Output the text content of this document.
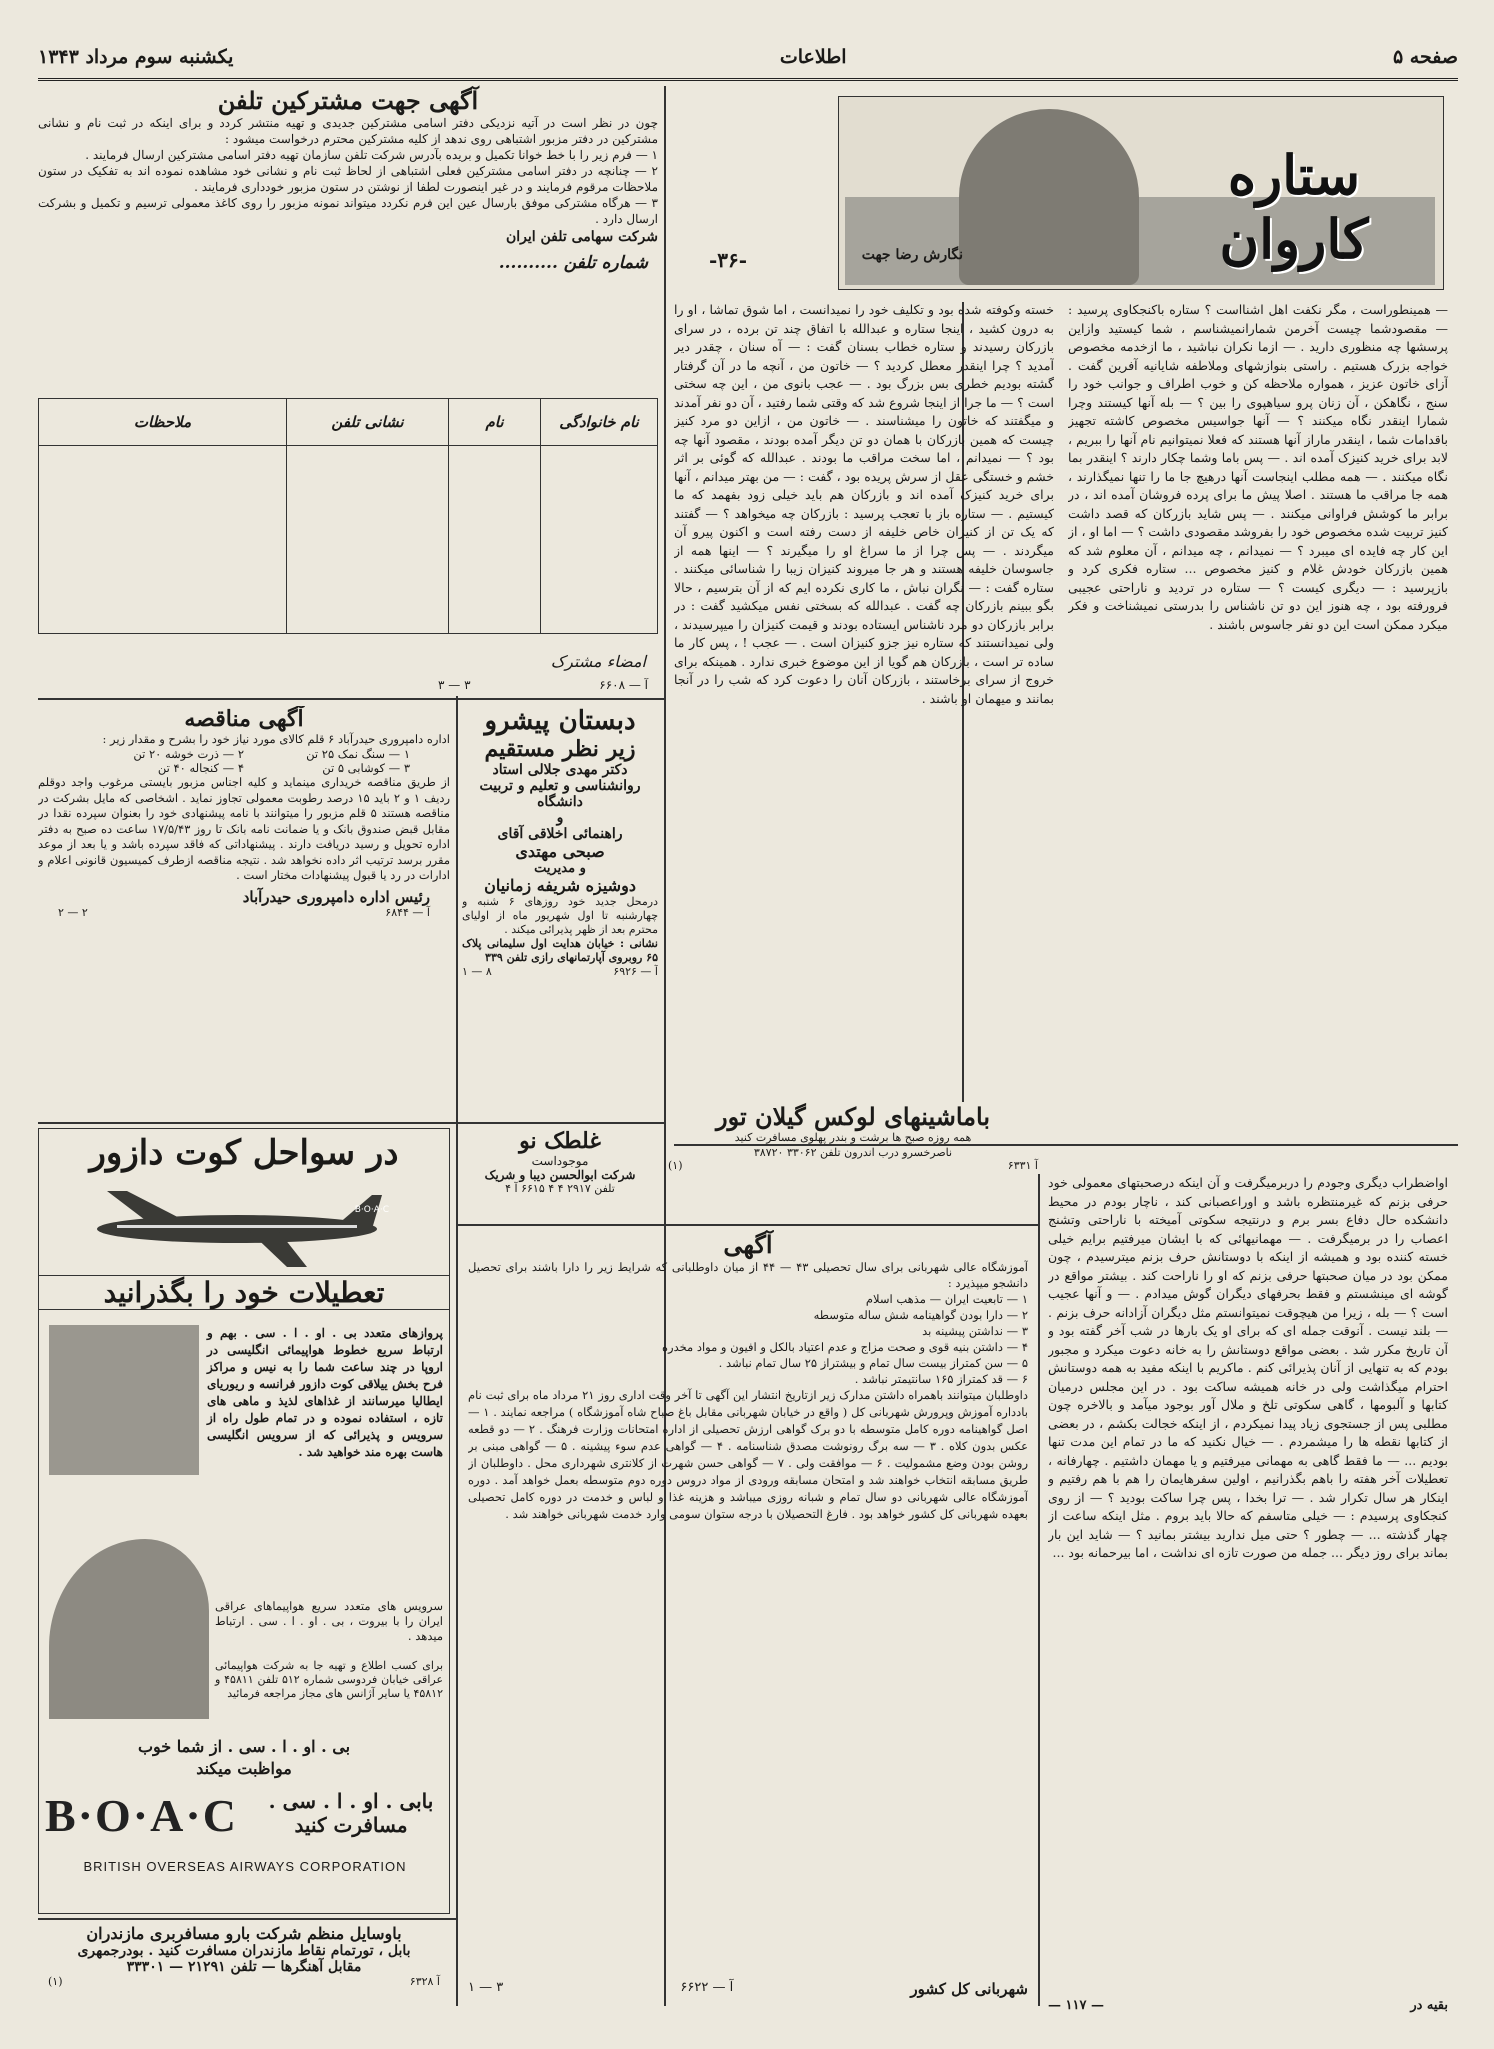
یکشنبه سوم مرداد ۱۳۴۳	اطلاعات	صفحه ۵
ستاره کاروان
نگارش رضا جهت
-۳۶-
— همینطوراست ، مگر نکفت اهل اشنااست ؟ ستاره باکنجکاوی پرسید : — مقصودشما چیست آخرمن شمارانمیشناسم ، شما کیستید وازاین پرسشها چه منظوری دارید . — ازما نکران نباشید ، ما ازخدمه مخصوص خواجه بزرک هستیم . راستی بنوازشهای وملاطفه شایانیه آفرین گفت . آزای خاتون عزیز ، همواره ملاحظه کن و خوب اطراف و جوانب خود را سنج ، نگاهکن ، آن زنان پرو سیاهپوی را بین ؟ — بله آنها کیستند وچرا شمارا اینقدر نگاه میکنند ؟ — آنها جواسیس مخصوص کاشته تجهیز باقدامات شما ، اینقدر ماراز آنها هستند که فعلا نمیتوانیم نام آنها را ببریم ، لابد برای خرید کنیزک آمده اند . — پس باما وشما چکار دارند ؟ اینقدر بما نگاه میکنند . — همه مطلب اینجاست آنها درهیچ جا ما را تنها نمیگذارند ، همه جا مراقب ما هستند . اصلا پیش ما برای پرده فروشان آمده اند ، در برابر ما کوشش فراوانی میکنند . — پس شاید بازرکان که قصد داشت کنیز تربیت شده مخصوص خود را بفروشد مقصودی داشت ؟ — اما او ، از این کار چه فایده ای میبرد ؟ — نمیدانم ، چه میدانم ، آن معلوم شد که همین بازرکان خودش غلام و کنیز مخصوص ... ستاره فکری کرد و بازپرسید : — دیگری کیست ؟ — ستاره در تردید و ناراحتی عجیبی فرورفته بود ، چه هنوز این دو تن ناشناس را بدرستی نمیشناخت و فکر میکرد ممکن است این دو نفر جاسوس باشند .
خسته وکوفته شده بود و تکلیف خود را نمیدانست ، اما شوق تماشا ، او را به درون کشید ، اینجا ستاره و عبدالله با اتفاق چند تن برده ، در سرای بازرکان رسیدند و ستاره خطاب بسنان گفت : — آه سنان ، چقدر دیر آمدید ؟ چرا اینقدر معطل کردید ؟ — خاتون من ، آنچه ما در آن گرفتار گشته بودیم خطری بس بزرگ بود . — عجب بانوی من ، این چه سختی است ؟ — ما جرا از اینجا شروع شد که وقتی شما رفتید ، آن دو نفر آمدند و میگفتند که خاتون را میشناسند . — خاتون من ، ازاین دو مرد کنیز چیست که همین بازرکان با همان دو تن دیگر آمده بودند ، مقصود آنها چه بود ؟ — نمیدانم ، اما سخت مراقب ما بودند . عبدالله که گوئی بر اثر خشم و خستگی عقل از سرش پریده بود ، گفت : — من بهتر میدانم ، آنها برای خرید کنیزک آمده اند و بازرکان هم باید خیلی زود بفهمد که ما کیستیم . — ستاره باز با تعجب پرسید : بازرکان چه میخواهد ؟ — گفتند که یک تن از کنیزان خاص خلیفه از دست رفته است و اکنون پیرو آن میگردند . — پس چرا از ما سراغ او را میگیرند ؟ — اینها همه از جاسوسان خلیفه هستند و هر جا میروند کنیزان زیبا را شناسائی میکنند . ستاره گفت : — نگران نباش ، ما کاری نکرده ایم که از آن بترسیم ، حالا بگو ببینم بازرکان چه گفت . عبدالله که بسختی نفس میکشید گفت : در برابر بازرکان دو مرد ناشناس ایستاده بودند و قیمت کنیزان را میپرسیدند ، ولی نمیدانستند که ستاره نیز جزو کنیزان است . — عجب ! ، پس کار ما ساده تر است ، بازرکان هم گویا از این موضوع خبری ندارد . همینکه برای خروج از سرای برخاستند ، بازرکان آنان را دعوت کرد که شب را در آنجا بمانند و میهمان او باشند .
باماشینهای لوکس گیلان تور
همه روزه صبح ها برشت و بندر پهلوی مسافرت کنید
ناصرخسرو درب اندرون تلفن ۳۳۰۶۲ ۳۸۷۲۰
(۱)	آ ۶۳۳۱
اواضطراب دیگری وجودم را دربرمیگرفت و آن اینکه درصحبتهای معمولی خود حرفی بزنم که غیرمنتظره باشد و اوراعصبانی کند ، ناچار بودم در محیط دانشکده حال دفاع بسر برم و درنتیجه سکوتی آمیخته با ناراحتی وتشنج اعصاب را در برمیگرفت . — مهمانیهائی که با ایشان میرفتیم برایم خیلی خسته کننده بود و همیشه از اینکه با دوستانش حرف بزنم میترسیدم ، چون ممکن بود در میان صحبتها حرفی بزنم که او را ناراحت کند . بیشتر مواقع در گوشه ای مینشستم و فقط بحرفهای دیگران گوش میدادم . — و آنها عجیب است ؟ — بله ، زیرا من هیچوقت نمیتوانستم مثل دیگران آزادانه حرف بزنم . — بلند نیست . آنوقت جمله ای که برای او یک بارها در شب آخر گفته بود و آن تاریخ مکرر شد . بعضی مواقع دوستانش را به خانه دعوت میکرد و مجبور بودم که به تنهایی از آنان پذیرائی کنم . ماکریم با اینکه مفید به همه دوستانش احترام میگذاشت ولی در خانه همیشه ساکت بود . در این مجلس درمیان کتابها و آلبومها ، گاهی سکوتی تلخ و ملال آور بوجود میآمد و بالاخره چون مطلبی پس از جستجوی زیاد پیدا نمیکردم ، از اینکه خجالت بکشم ، در بعضی از کتابها نقطه ها را میشمردم . — خیال نکنید که ما در تمام این مدت تنها بودیم ... — ما فقط گاهی به مهمانی میرفتیم و یا مهمان داشتیم . چهارفانه ، تعطیلات آخر هفته را باهم بگذرانیم ، اولین سفرهایمان را هم با هم رفتیم و اینکار هر سال تکرار شد . — ترا بخدا ، پس چرا ساکت بودید ؟ — از روی کنجکاوی پرسیدم : — خیلی متاسفم که حالا باید بروم . مثل اینکه ساعت از چهار گذشته ... — چطور ؟ حتی میل ندارید بیشتر بمانید ؟ — شاید این بار بماند برای روز دیگر ... جمله من صورت تازه ای نداشت ، اما بیرحمانه بود ...
— ۱۱۷ —	بقیه در
آگهی جهت مشترکین تلفن
چون در نظر است در آتیه نزدیکی دفتر اسامی مشترکین جدیدی و تهیه منتشر کردد و برای اینکه در ثبت نام و نشانی مشترکین در دفتر مزبور اشتباهی روی ندهد از کلیه مشترکین محترم درخواست میشود :
۱ — فرم زیر را با خط خوانا تکمیل و بریده بآدرس شرکت تلفن سازمان تهیه دفتر اسامی مشترکین ارسال فرمایند .
۲ — چنانچه در دفتر اسامی مشترکین فعلی اشتباهی از لحاظ ثبت نام و نشانی خود مشاهده نموده اند به تفکیک در ستون ملاحظات مرقوم فرمایند و در غیر اینصورت لطفا از نوشتن در ستون مزبور خودداری فرمایند .
۳ — هرگاه مشترکی موفق بارسال عین این فرم نکردد میتواند نمونه مزبور را روی کاغذ معمولی ترسیم و تکمیل و بشرکت ارسال دارد .
شرکت سهامی تلفن ایران
شماره تلفن ..........
نام خانوادگی	نام	نشانی تلفن	ملاحظات

امضاء مشترک
۳ — ۳	آ — ۶۶۰۸
آگهی مناقصه
اداره دامپروری حیدرآباد ۶ قلم کالای مورد نیاز خود را بشرح و مقدار زیر :
۱ — سنگ نمک ۲۵ تن
۲ — ذرت خوشه ۲۰ تن
۳ — کوشابی ۵ تن
۴ — کنجاله ۴۰ تن
از طریق مناقصه خریداری مینماید و کلیه اجناس مزبور بایستی مرغوب واجد دوقلم ردیف ۱ و ۲ باید ۱۵ درصد رطوبت معمولی تجاوز نماید . اشخاصی که مایل بشرکت در مناقصه هستند ۵ قلم مزبور را میتوانند با نامه پیشنهادی خود را بعنوان سپرده نقدا در مقابل قبض صندوق بانک و یا ضمانت نامه بانک تا روز ۱۷/۵/۴۳ ساعت ده صبح به دفتر اداره تحویل و رسید دریافت دارند . پیشنهاداتی که فاقد سپرده باشد و یا بعد از موعد مقرر برسد ترتیب اثر داده نخواهد شد . نتیجه مناقصه ازطرف کمیسیون قانونی اعلام و ادارات در رد یا قبول پیشنهادات مختار است .
رئیس اداره دامپروری حیدرآباد
۲ — ۲	آ — ۶۸۴۴
دبستان پیشرو
زیر نظر مستقیم
دکتر مهدی جلالی استاد روانشناسی و تعلیم و تربیت دانشگاه
و
راهنمائی اخلاقی آقای
صبحی مهتدی
و مدیریت
دوشیزه شریفه زمانیان
درمحل جدید خود روزهای ۶ شنبه و چهارشنبه تا اول شهریور ماه از اولیای محترم بعد از ظهر پذیرائی میکند .
نشانی : خیابان هدایت اول سلیمانی پلاک ۶۵ روبروی آپارتمانهای رازی تلفن ۳۳۹
۱ — ۸	آ — ۶۹۲۶
غلطک نو
موجوداست
شرکت ابوالحسن دیبا و شریک
تلفن ۲۹۱۷ ۴ ۴ ۶۶۱۵ آ ۴
آگهی
آموزشگاه عالی شهربانی برای سال تحصیلی ۴۳ — ۴۴ از میان داوطلبانی که شرایط زیر را دارا باشند برای تحصیل دانشجو میپذیرد :
۱ — تابعیت ایران — مذهب اسلام
۲ — دارا بودن گواهینامه شش ساله متوسطه
۳ — نداشتن پیشینه بد
۴ — داشتن بنیه قوی و صحت مزاج و عدم اعتیاد بالکل و افیون و مواد مخدره
۵ — سن کمتراز بیست سال تمام و بیشتراز ۲۵ سال تمام نباشد .
۶ — قد کمتراز ۱۶۵ سانتیمتر نباشد .
داوطلبان میتوانند باهمراه داشتن مدارک زیر ازتاریخ انتشار این آگهی تا آخر وقت اداری روز ۲۱ مرداد ماه برای ثبت نام بادداره آموزش وپرورش شهربانی کل ( واقع در خیابان شهربانی مقابل باغ صباح شاه آموزشگاه ) مراجعه نمایند . ۱ — اصل گواهینامه دوره کامل متوسطه با دو برک گواهی ارزش تحصیلی از اداره امتحانات وزارت فرهنگ . ۲ — دو قطعه عکس بدون کلاه . ۳ — سه برگ رونوشت مصدق شناسنامه . ۴ — گواهی عدم سوء پیشینه . ۵ — گواهی مبنی بر روشن بودن وضع مشمولیت . ۶ — موافقت ولی . ۷ — گواهی حسن شهرت از کلانتری شهرداری محل . داوطلبان از طریق مسابقه انتخاب خواهند شد و امتحان مسابقه ورودی از مواد دروس دوره دوم متوسطه بعمل خواهد آمد . دوره آموزشگاه عالی شهربانی دو سال تمام و شبانه روزی میباشد و هزینه غذا و لباس و خدمت در دوره کامل تحصیلی بعهده شهربانی کل کشور خواهد بود . فارغ التحصیلان با درجه ستوان سومی وارد خدمت شهربانی خواهند شد .
۱ — ۳	آ — ۶۶۲۲	شهربانی کل کشور
در سواحل کوت دازور
B·O·A·C
تعطیلات خود را بگذرانید
پروازهای متعدد بی . او . ا . سی . بهم و ارتباط سریع خطوط هواپیمائی انگلیسی در اروپا در چند ساعت شما را به نیس و مراکز فرح بخش ییلاقی کوت دازور فرانسه و ریوریای ایطالیا میرسانند از غذاهای لذیذ و ماهی های تازه ، استفاده نموده و در تمام طول راه از سرویس و پذیرائی که از سرویس انگلیسی هاست بهره مند خواهید شد .
سرویس های متعدد سریع هواپیماهای عراقی ایران را با بیروت ، بی . او . ا . سی . ارتباط میدهد .
برای کسب اطلاع و تهیه جا به شرکت هواپیمائی عراقی خیابان فردوسی شماره ۵۱۲ تلفن ۴۵۸۱۱ و ۴۵۸۱۲ یا سایر آژانس های مجاز مراجعه فرمائید
بی . او . ا . سی . از شما خوب
مواظبت میکند
B·O·A·C	بابی . او . ا . سی . مسافرت کنید
BRITISH OVERSEAS AIRWAYS CORPORATION
باوسایل منظم شرکت بارو مسافربری مازندران
بابل ، تورتمام نقاط مازندران مسافرت کنید . بودرجمهری
مقابل آهنگرها — تلفن ۲۱۲۹۱ — ۳۳۳۰۱
(۱)	آ ۶۳۲۸
